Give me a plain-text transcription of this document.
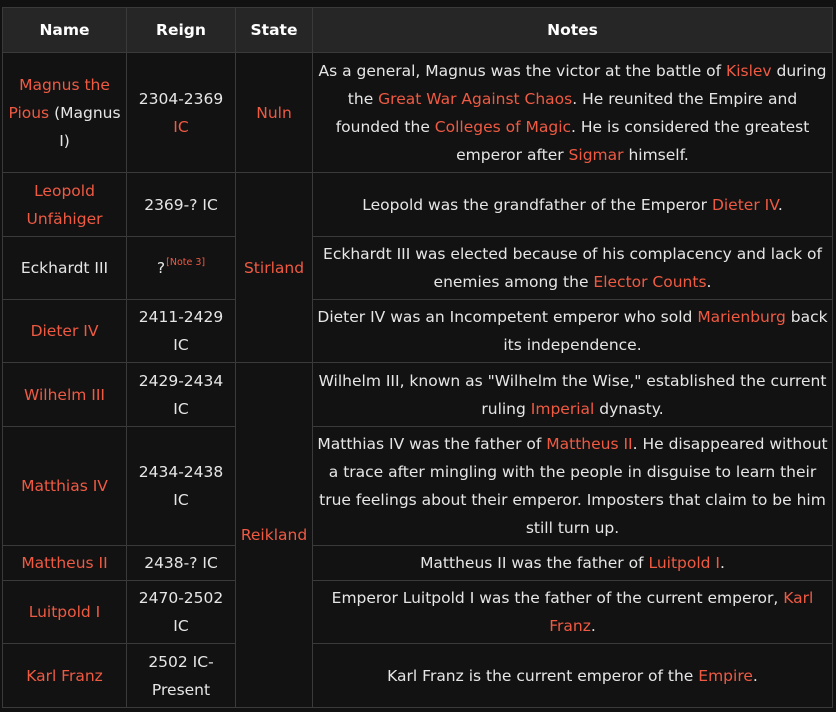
Name	Reign	State	Notes
Magnus the Pious (Magnus I)	2304-2369 IC	Nuln	As a general, Magnus was the victor at the battle of Kislev during the Great War Against Chaos. He reunited the Empire and founded the Colleges of Magic. He is considered the greatest emperor after Sigmar himself.
Leopold Unfähiger	2369-? IC	Stirland	Leopold was the grandfather of the Emperor Dieter IV.
Eckhardt III	?[Note 3]		Eckhardt III was elected because of his complacency and lack of enemies among the Elector Counts.
Dieter IV	2411-2429 IC		Dieter IV was an Incompetent emperor who sold Marienburg back its independence.
Wilhelm III	2429-2434 IC	Reikland	Wilhelm III, known as "Wilhelm the Wise," established the current ruling Imperial dynasty.
Matthias IV	2434-2438 IC		Matthias IV was the father of Mattheus II. He disappeared without a trace after mingling with the people in disguise to learn their true feelings about their emperor. Imposters that claim to be him still turn up.
Mattheus II	2438-? IC		Mattheus II was the father of Luitpold I.
Luitpold I	2470-2502 IC		Emperor Luitpold I was the father of the current emperor, Karl Franz.
Karl Franz	2502 IC-Present		Karl Franz is the current emperor of the Empire.
